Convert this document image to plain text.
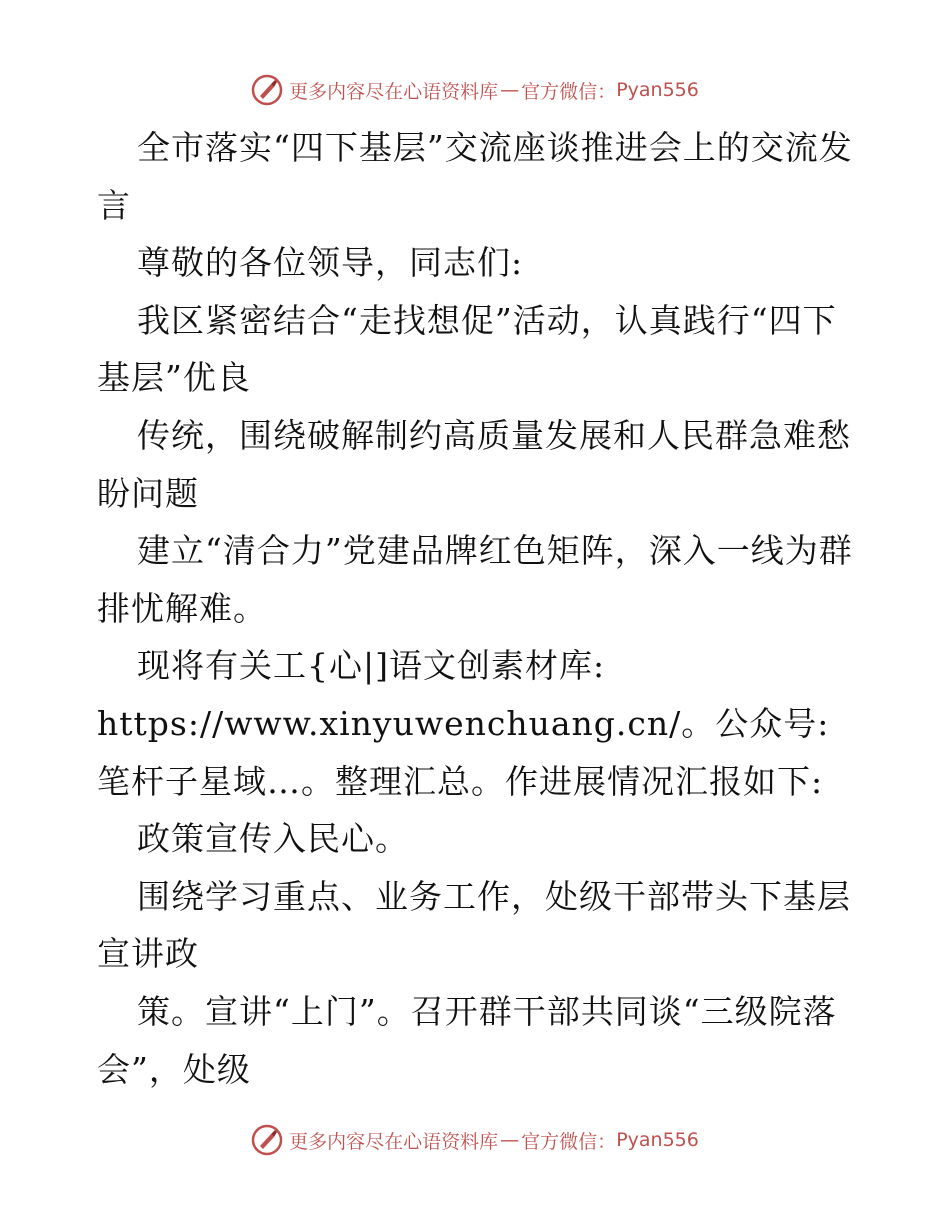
更多内容尽在心语资料库 — 官方微信： Pyan556

全市落实“四下基层”交流座谈推进会上的交流发言

尊敬的各位领导，同志们:

我区紧密结合“走找想促”活动，认真践行“四下基层”优良

传统，围绕破解制约高质量发展和人民群急难愁盼问题

建立“清合力”党建品牌红色矩阵，深入一线为群排忧解难。

现将有关工{心|]语文创素材库: https://www.xinyuwenchuang.cn/。公众号: 笔杆子星域…。整理汇总。作进展情况汇报如下:

政策宣传入民心。

围绕学习重点、业务工作，处级干部带头下基层宣讲政

策。宣讲“上门”。召开群干部共同谈“三级院落会”，处级

更多内容尽在心语资料库 — 官方微信： Pyan556
